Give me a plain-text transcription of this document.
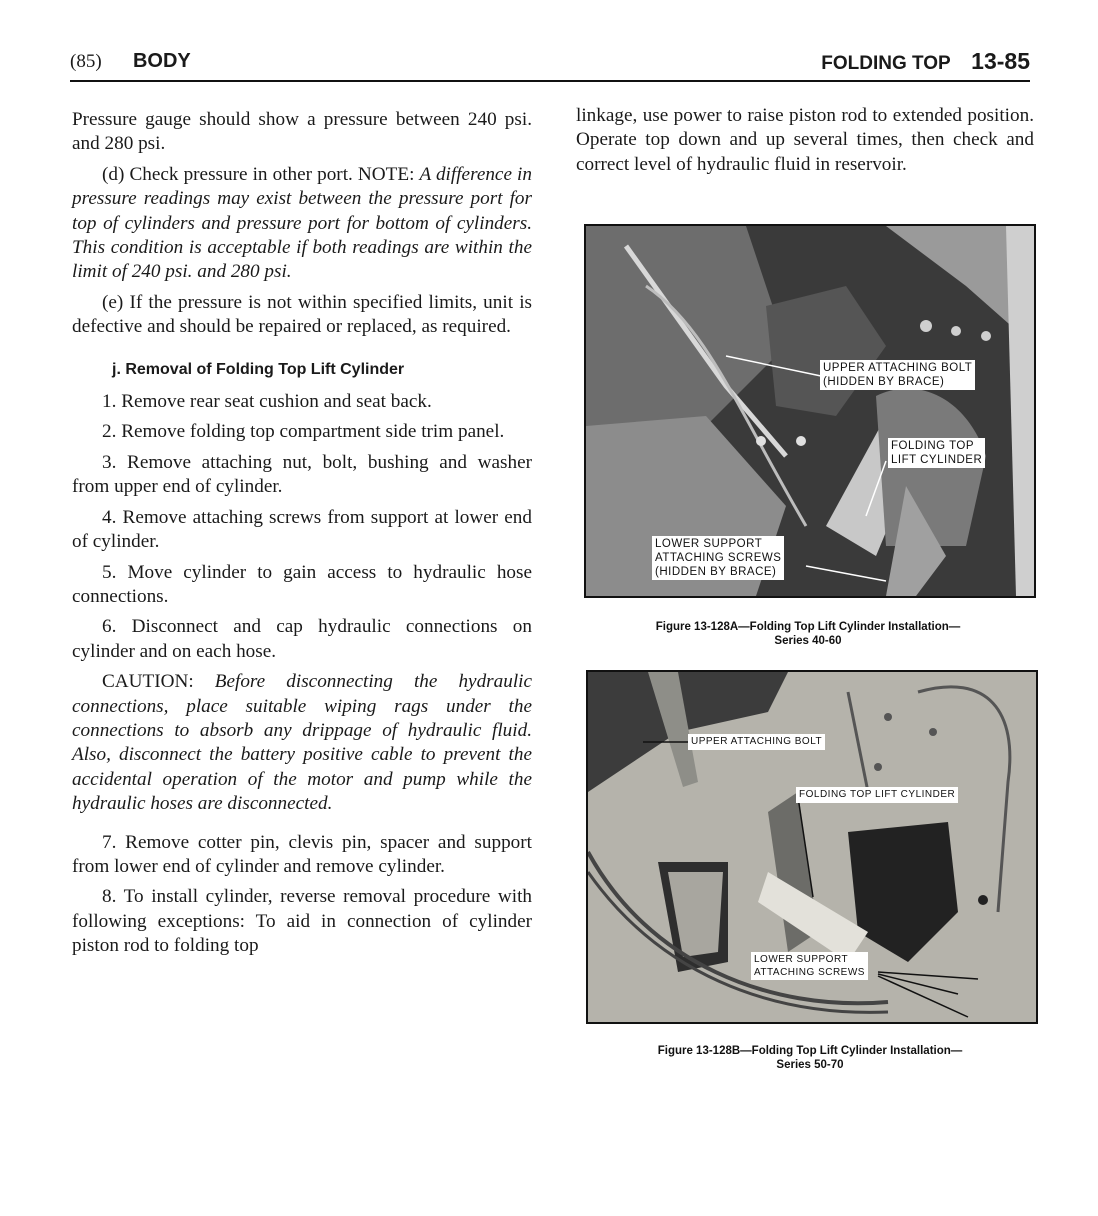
(85) BODY	FOLDING TOP 13-85

Pressure gauge should show a pressure between 240 psi. and 280 psi.

(d) Check pressure in other port. NOTE: A difference in pressure readings may exist between the pressure port for top of cylinders and pressure port for bottom of cylinders. This condition is acceptable if both readings are within the limit of 240 psi. and 280 psi.

(e) If the pressure is not within specified limits, unit is defective and should be repaired or replaced, as required.

j. Removal of Folding Top Lift Cylinder

1. Remove rear seat cushion and seat back.

2. Remove folding top compartment side trim panel.

3. Remove attaching nut, bolt, bushing and washer from upper end of cylinder.

4. Remove attaching screws from support at lower end of cylinder.

5. Move cylinder to gain access to hydraulic hose connections.

6. Disconnect and cap hydraulic connections on cylinder and on each hose.

CAUTION: Before disconnecting the hydraulic connections, place suitable wiping rags under the connections to absorb any drippage of hydraulic fluid. Also, disconnect the battery positive cable to prevent the accidental operation of the motor and pump while the hydraulic hoses are disconnected.

7. Remove cotter pin, clevis pin, spacer and support from lower end of cylinder and remove cylinder.

8. To install cylinder, reverse removal procedure with following exceptions: To aid in connection of cylinder piston rod to folding top

linkage, use power to raise piston rod to extended position. Operate top down and up several times, then check and correct level of hydraulic fluid in reservoir.

UPPER ATTACHING BOLT
(HIDDEN BY BRACE)
FOLDING TOP
LIFT CYLINDER
LOWER SUPPORT
ATTACHING SCREWS
(HIDDEN BY BRACE)
Figure 13-128A—Folding Top Lift Cylinder Installation—
Series 40-60
UPPER ATTACHING BOLT
FOLDING TOP LIFT CYLINDER
LOWER SUPPORT
ATTACHING SCREWS
Figure 13-128B—Folding Top Lift Cylinder Installation—
Series 50-70
